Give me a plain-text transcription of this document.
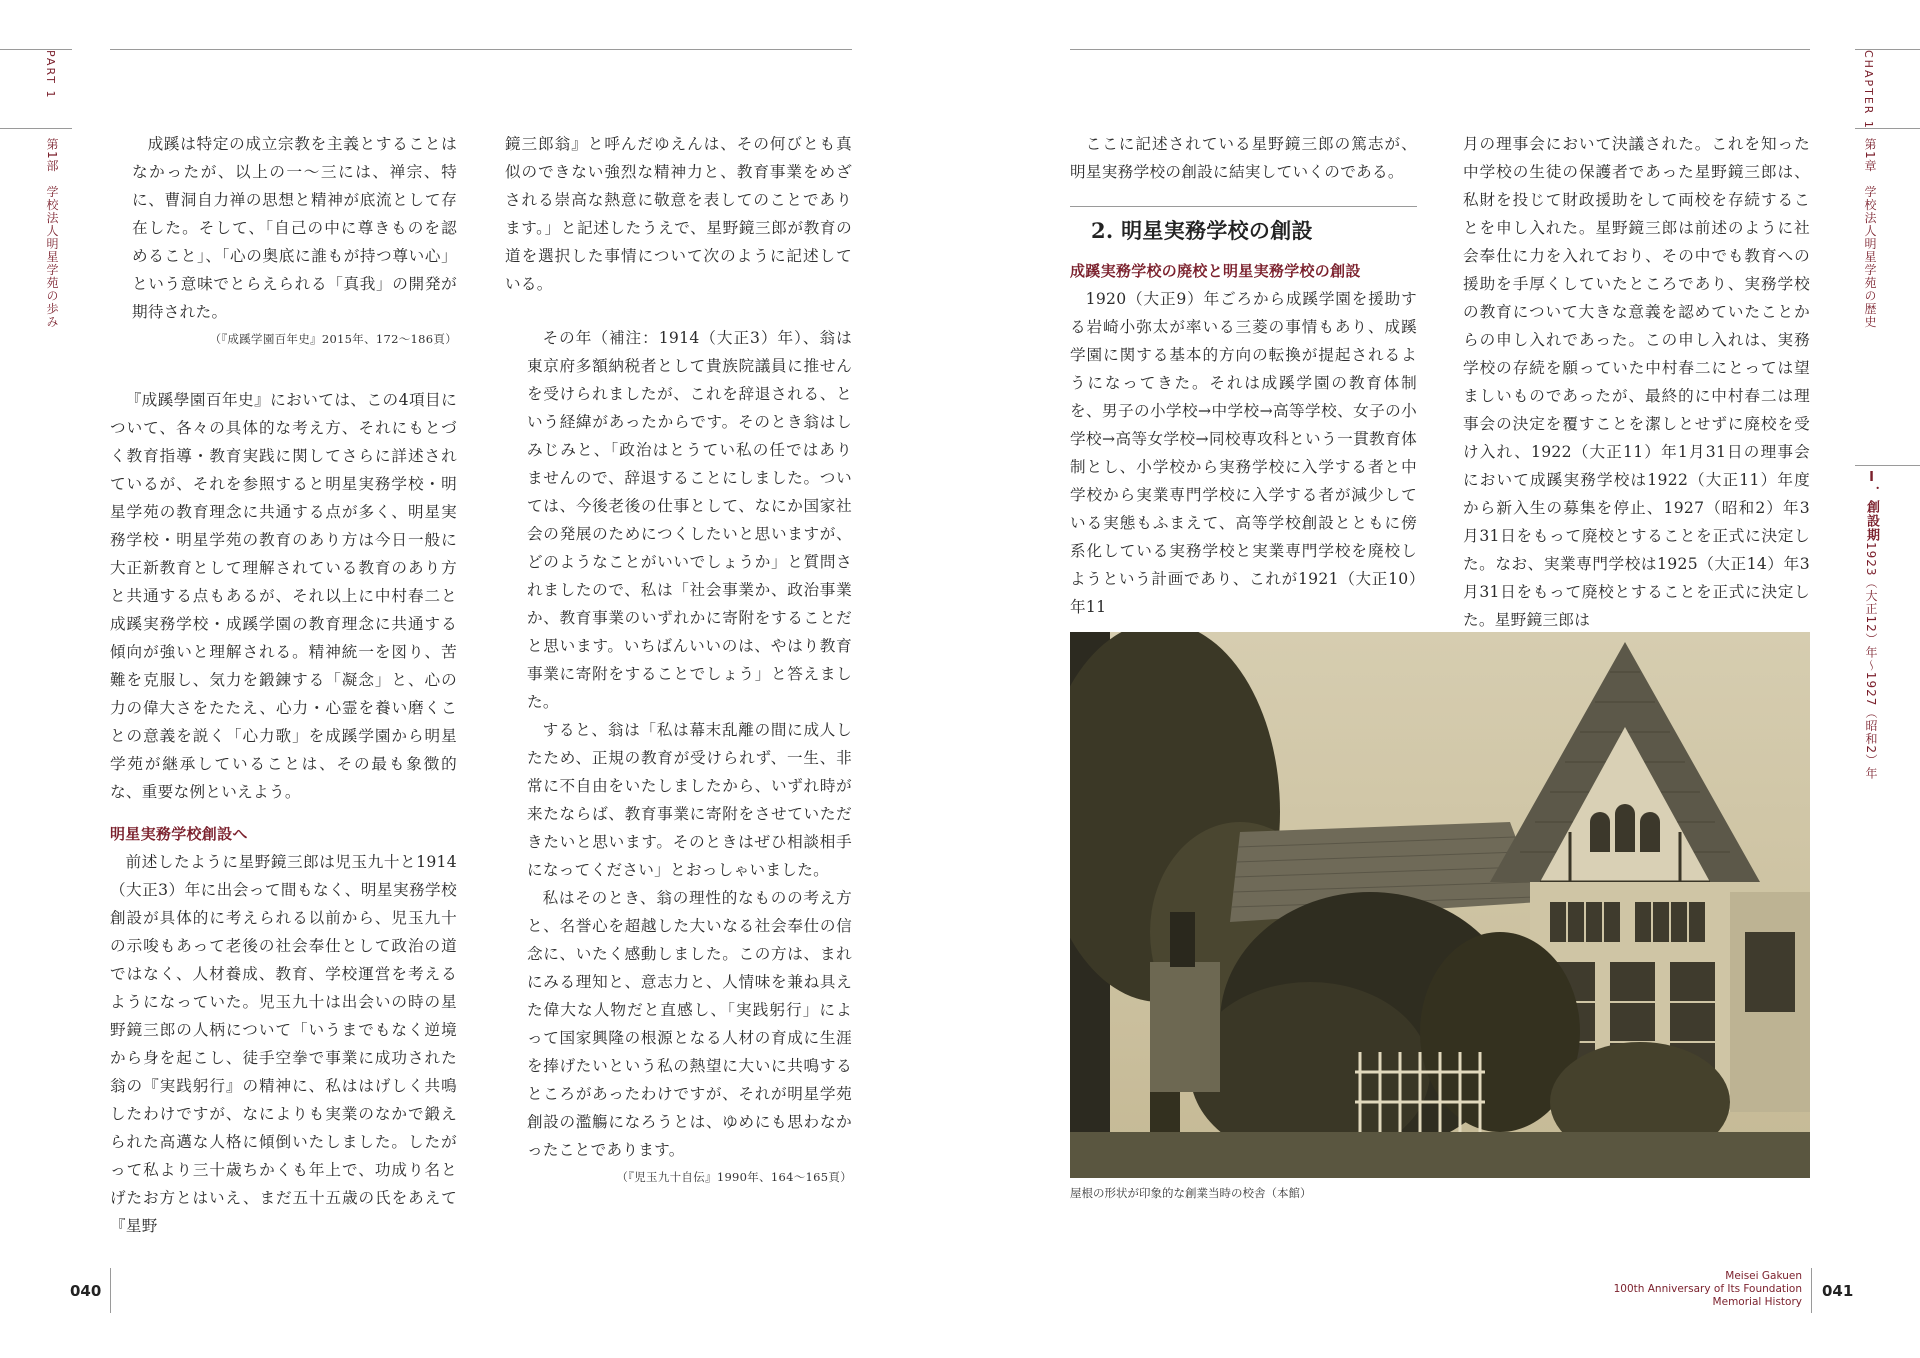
PART 1
第1部　学校法人明星学苑の歩み
CHAPTER 1
第1章　学校法人明星学苑の歴史
Ⅰ．創設期1923（大正12）年〜1927（昭和2）年

成蹊は特定の成立宗教を主義とすることはなかったが、以上の一〜三には、禅宗、特に、曹洞自力禅の思想と精神が底流として存在した。そして、「自己の中に尊きものを認めること」、「心の奥底に誰もが持つ尊い心」という意味でとらえられる「真我」の開発が期待された。

（『成蹊学園百年史』2015年、172〜186頁）

『成蹊學園百年史』においては、この4項目について、各々の具体的な考え方、それにもとづく教育指導・教育実践に関してさらに詳述されているが、それを参照すると明星実務学校・明星学苑の教育理念に共通する点が多く、明星実務学校・明星学苑の教育のあり方は今日一般に大正新教育として理解されている教育のあり方と共通する点もあるが、それ以上に中村春二と成蹊実務学校・成蹊学園の教育理念に共通する傾向が強いと理解される。精神統一を図り、苦難を克服し、気力を鍛錬する「凝念」と、心の力の偉大さをたたえ、心力・心霊を養い磨くことの意義を説く「心力歌」を成蹊学園から明星学苑が継承していることは、その最も象徴的な、重要な例といえよう。

明星実務学校創設へ

前述したように星野鏡三郎は児玉九十と1914（大正3）年に出会って間もなく、明星実務学校創設が具体的に考えられる以前から、児玉九十の示唆もあって老後の社会奉仕として政治の道ではなく、人材養成、教育、学校運営を考えるようになっていた。児玉九十は出会いの時の星野鏡三郎の人柄について「いうまでもなく逆境から身を起こし、徒手空拳で事業に成功された翁の『実践躬行』の精神に、私ははげしく共鳴したわけですが、なによりも実業のなかで鍛えられた高邁な人格に傾倒いたしました。したがって私より三十歳ちかくも年上で、功成り名とげたお方とはいえ、まだ五十五歳の氏をあえて『星野

鏡三郎翁』と呼んだゆえんは、その何びとも真似のできない強烈な精神力と、教育事業をめざされる崇高な熱意に敬意を表してのことであります。」と記述したうえで、星野鏡三郎が教育の道を選択した事情について次のように記述している。

その年（補注：1914（大正3）年）、翁は東京府多額納税者として貴族院議員に推せんを受けられましたが、これを辞退される、という経緯があったからです。そのとき翁はしみじみと、「政治はとうてい私の任ではありませんので、辞退することにしました。ついては、今後老後の仕事として、なにか国家社会の発展のためにつくしたいと思いますが、どのようなことがいいでしょうか」と質問されましたので、私は「社会事業か、政治事業か、教育事業のいずれかに寄附をすることだと思います。いちばんいいのは、やはり教育事業に寄附をすることでしょう」と答えました。

すると、翁は「私は幕末乱離の間に成人したため、正規の教育が受けられず、一生、非常に不自由をいたしましたから、いずれ時が来たならば、教育事業に寄附をさせていただきたいと思います。そのときはぜひ相談相手になってください」とおっしゃいました。

私はそのとき、翁の理性的なものの考え方と、名誉心を超越した大いなる社会奉仕の信念に、いたく感動しました。この方は、まれにみる理知と、意志力と、人情味を兼ね具えた偉大な人物だと直感し、「実践躬行」によって国家興隆の根源となる人材の育成に生涯を捧げたいという私の熱望に大いに共鳴するところがあったわけですが、それが明星学苑創設の濫觴になろうとは、ゆめにも思わなかったことであります。

（『児玉九十自伝』1990年、164〜165頁）

ここに記述されている星野鏡三郎の篤志が、明星実務学校の創設に結実していくのである。

2. 明星実務学校の創設

成蹊実務学校の廃校と明星実務学校の創設

1920（大正9）年ごろから成蹊学園を援助する岩崎小弥太が率いる三菱の事情もあり、成蹊学園に関する基本的方向の転換が提起されるようになってきた。それは成蹊学園の教育体制を、男子の小学校→中学校→高等学校、女子の小学校→高等女学校→同校専攻科という一貫教育体制とし、小学校から実務学校に入学する者と中学校から実業専門学校に入学する者が減少している実態もふまえて、高等学校創設とともに傍系化している実務学校と実業専門学校を廃校しようという計画であり、これが1921（大正10）年11

月の理事会において決議された。これを知った中学校の生徒の保護者であった星野鏡三郎は、私財を投じて財政援助をして両校を存続することを申し入れた。星野鏡三郎は前述のように社会奉仕に力を入れており、その中でも教育への援助を手厚くしていたところであり、実務学校の教育について大きな意義を認めていたことからの申し入れであった。この申し入れは、実務学校の存続を願っていた中村春二にとっては望ましいものであったが、最終的に中村春二は理事会の決定を覆すことを潔しとせずに廃校を受け入れ、1922（大正11）年1月31日の理事会において成蹊実務学校は1922（大正11）年度から新入生の募集を停止、1927（昭和2）年3月31日をもって廃校とすることを正式に決定した。なお、実業専門学校は1925（大正14）年3月31日をもって廃校とすることを正式に決定した。星野鏡三郎は

屋根の形状が印象的な創業当時の校舎（本館）
040
Meisei Gakuen
100th Anniversary of Its Foundation
Memorial History
041
